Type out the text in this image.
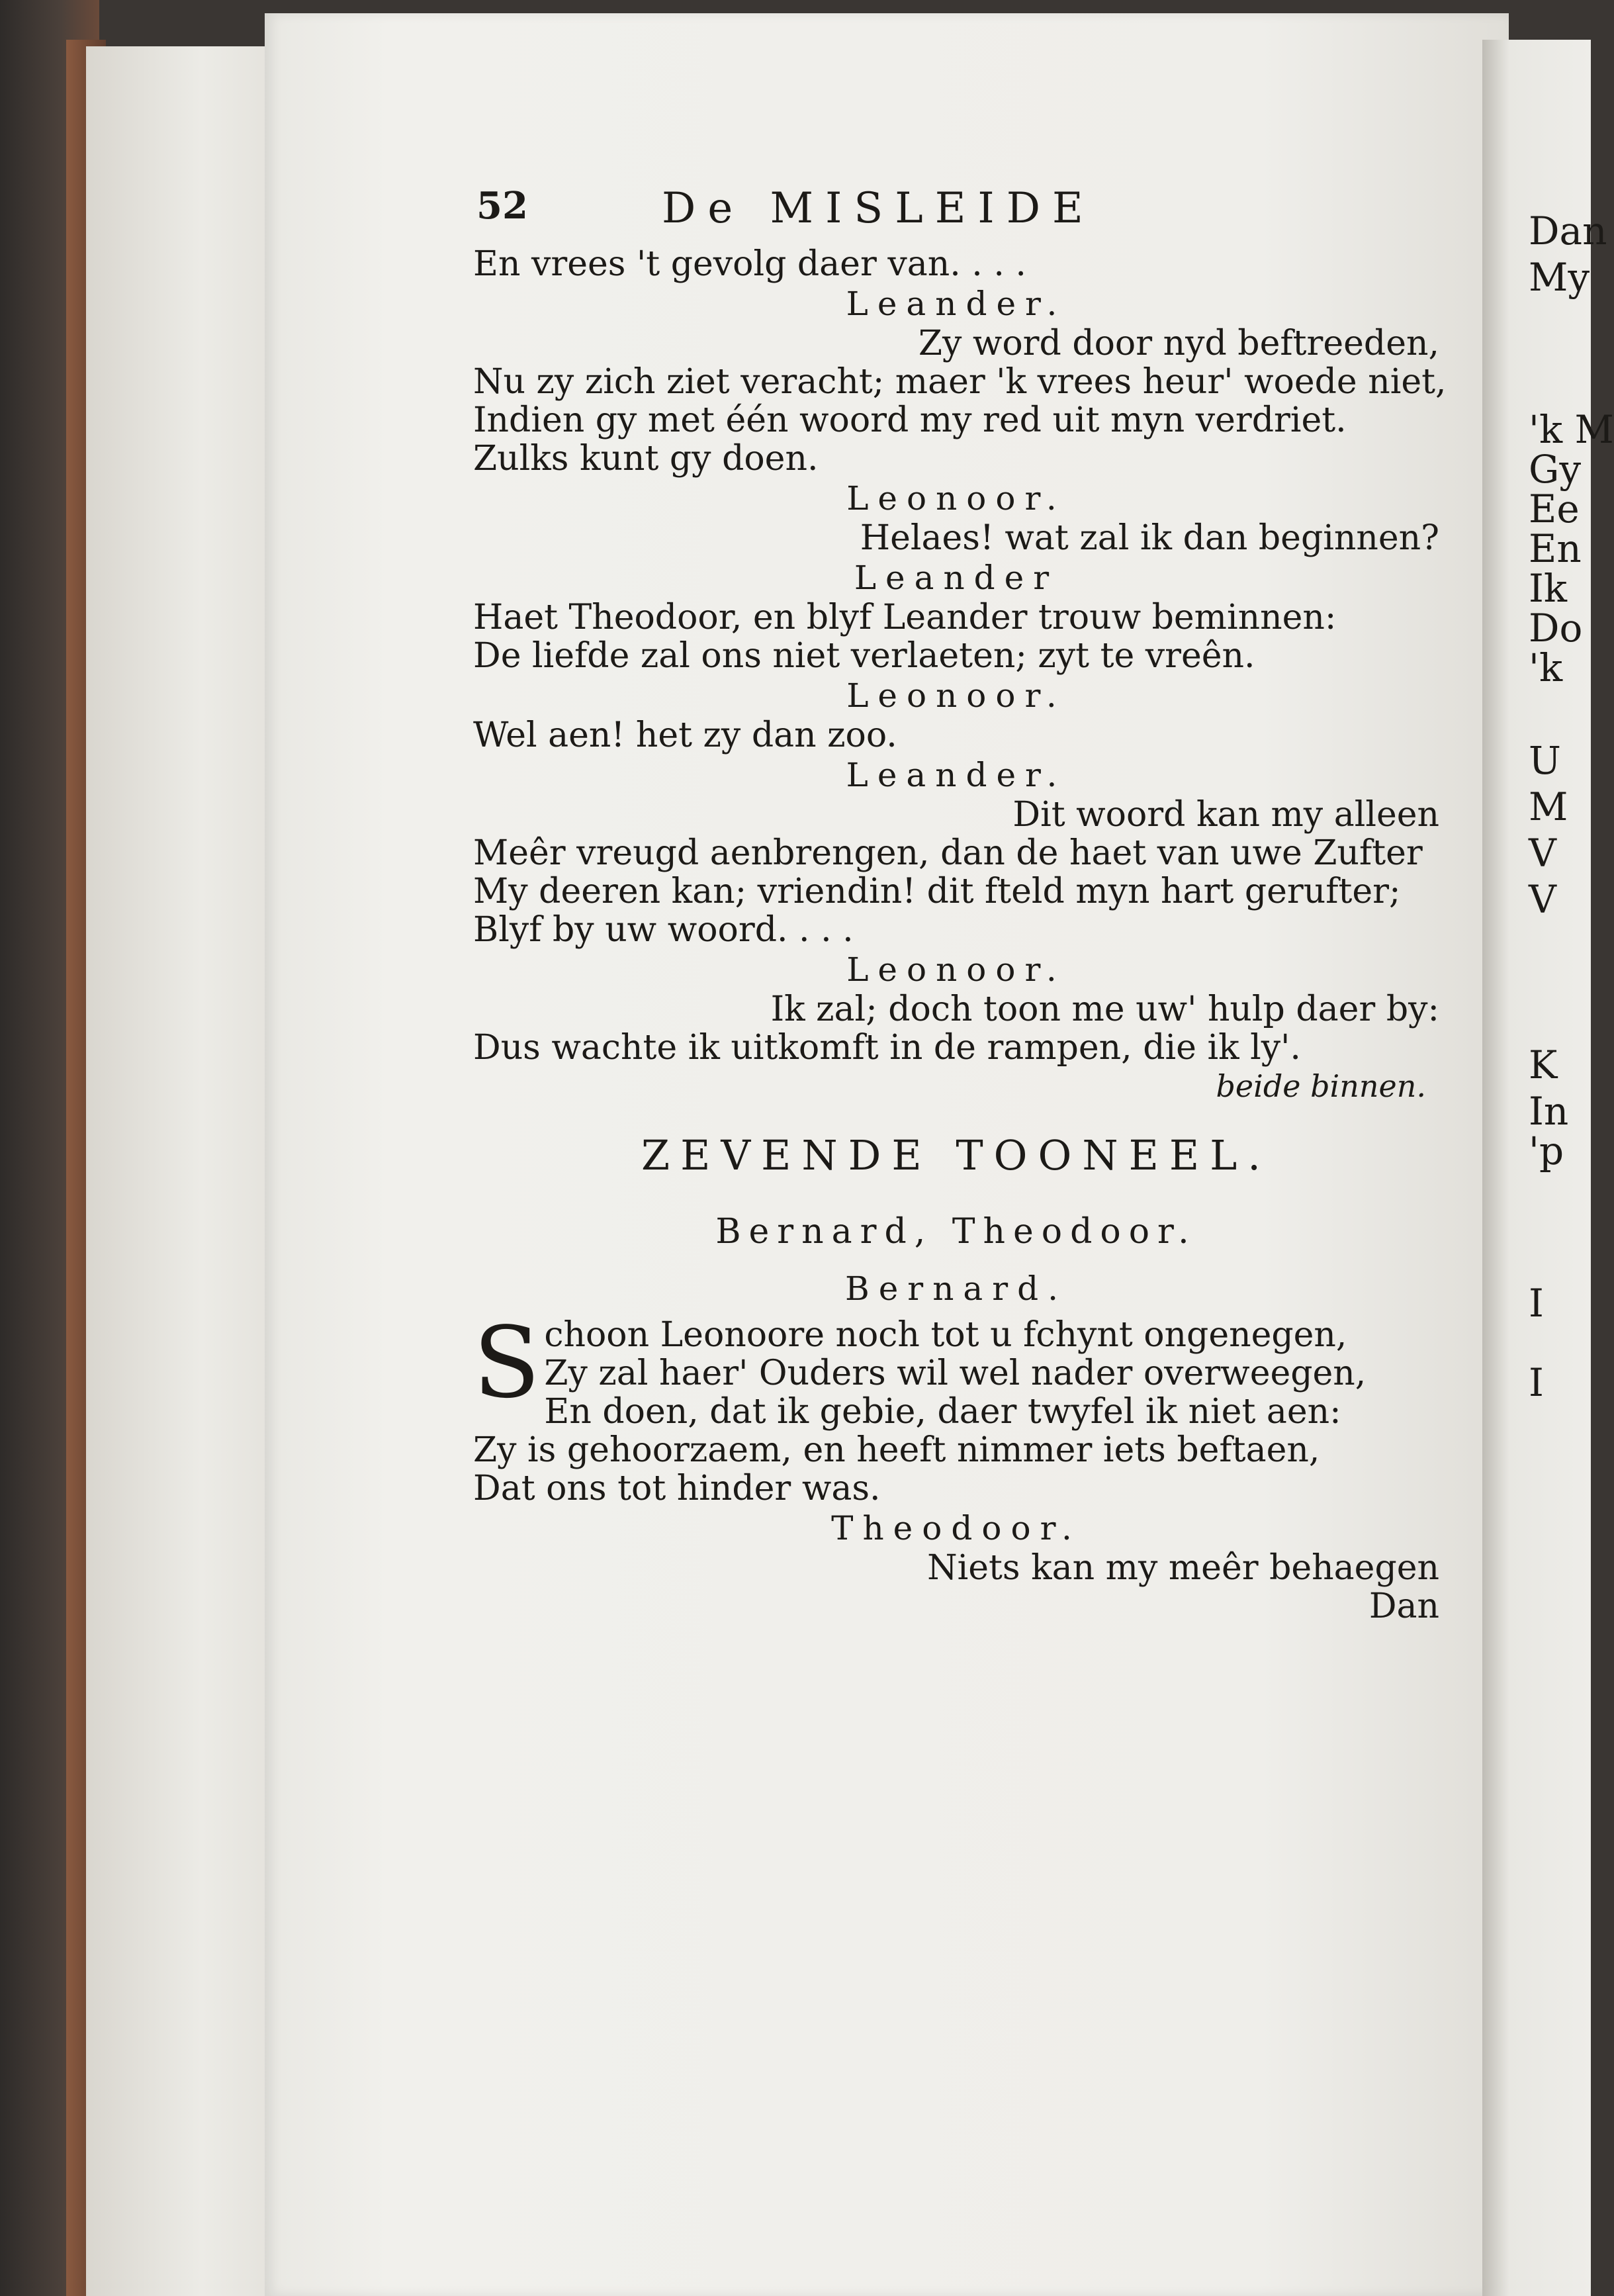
Dan
My
'k M
Gy
Ee
En
Ik
Do
'k
U
M
V
V
K
In
'p
I
I
52	De MISLEIDE
En vrees 't gevolg daer van. . . .
Leander.
Zy word door nyd beftreeden,
Nu zy zich ziet veracht; maer 'k vrees heur' woede niet,
Indien gy met één woord my red uit myn verdriet.
Zulks kunt gy doen.
Leonoor.
Helaes! wat zal ik dan beginnen?
Leander
Haet Theodoor, en blyf Leander trouw beminnen:
De liefde zal ons niet verlaeten; zyt te vreên.
Leonoor.
Wel aen! het zy dan zoo.
Leander.
Dit woord kan my alleen
Meêr vreugd aenbrengen, dan de haet van uwe Zufter
My deeren kan; vriendin! dit fteld myn hart gerufter;
Blyf by uw woord. . . .
Leonoor.
Ik zal; doch toon me uw' hulp daer by:
Dus wachte ik uitkomft in de rampen, die ik ly'.
beide binnen.
ZEVENDE TOONEEL.
Bernard, Theodoor.
Bernard.
Schoon Leonoore noch tot u fchynt ongenegen,
Zy zal haer' Ouders wil wel nader overweegen,
En doen, dat ik gebie, daer twyfel ik niet aen:
Zy is gehoorzaem, en heeft nimmer iets beftaen,
Dat ons tot hinder was.
Theodoor.
Niets kan my meêr behaegen
Dan
